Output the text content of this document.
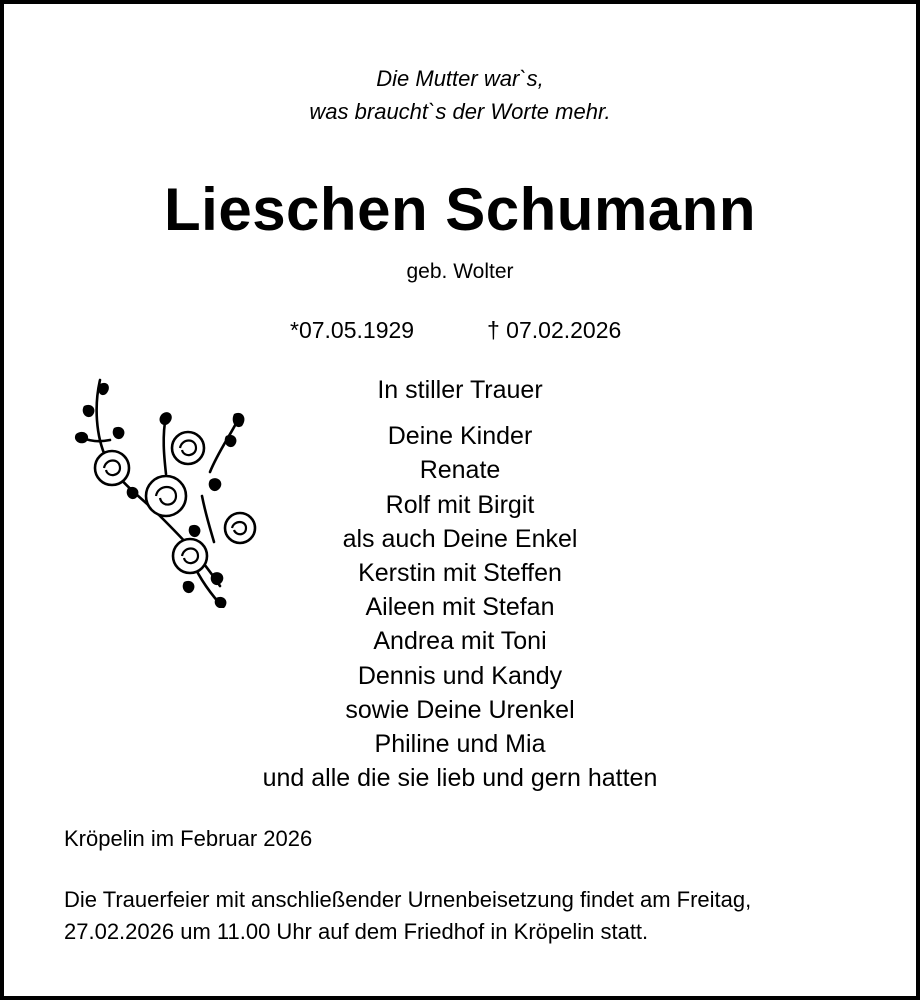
Die Mutter war`s,
was braucht`s der Worte mehr.
Lieschen Schumann
geb. Wolter
*07.05.1929	† 07.02.2026
In stiller Trauer
Deine Kinder
Renate
Rolf mit Birgit
als auch Deine Enkel
Kerstin mit Steffen
Aileen mit Stefan
Andrea mit Toni
Dennis und Kandy
sowie Deine Urenkel
Philine und Mia
und alle die sie lieb und gern hatten
Kröpelin im Februar 2026
Die Trauerfeier mit anschließender Urnenbeisetzung findet am Freitag,
27.02.2026 um 11.00 Uhr auf dem Friedhof in Kröpelin statt.
